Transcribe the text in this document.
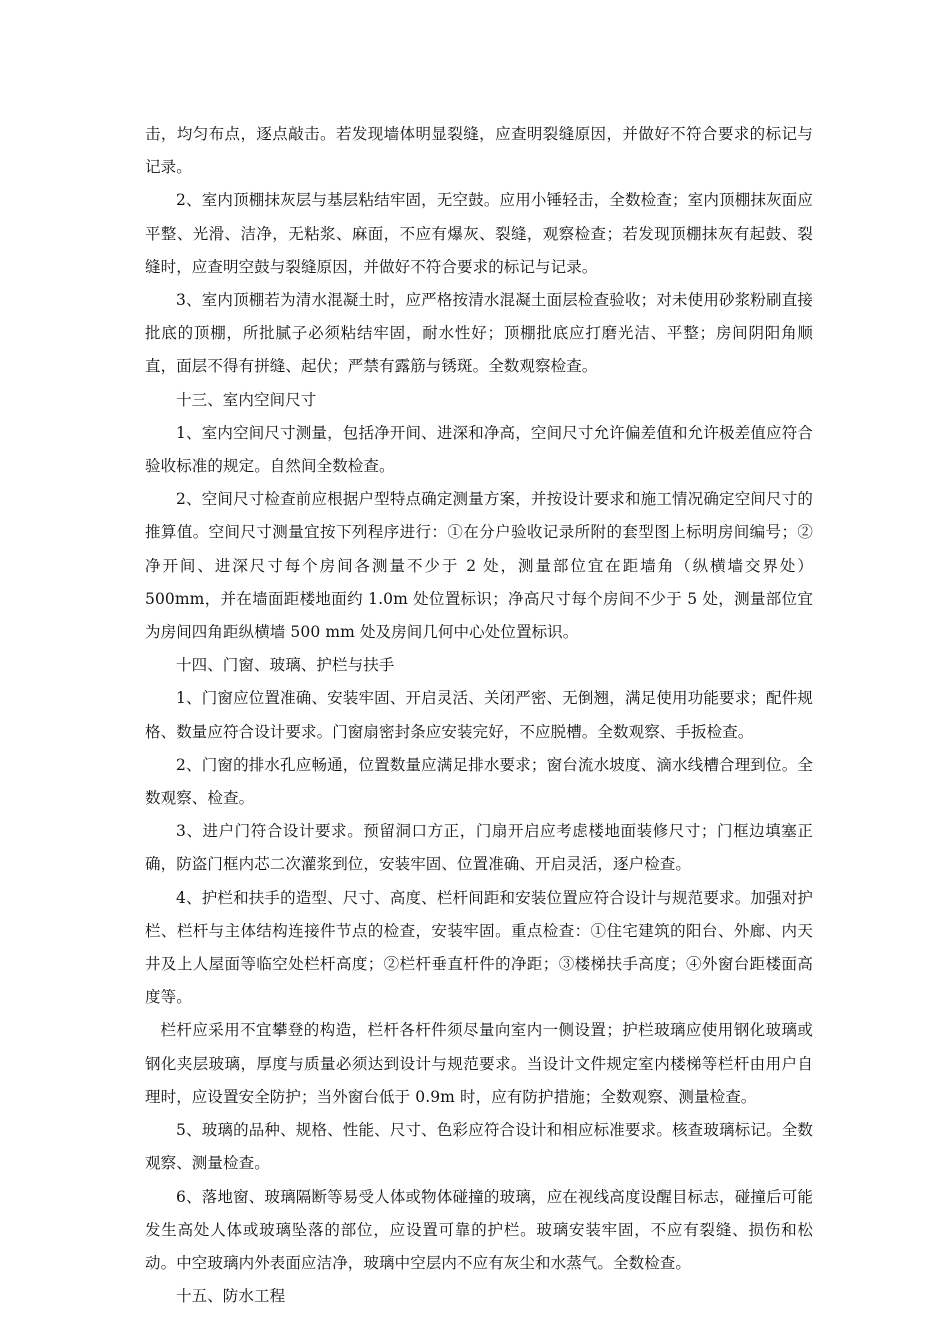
击，均匀布点，逐点敲击。若发现墙体明显裂缝，应查明裂缝原因，并做好不符合要求的标记与记录。

2、室内顶棚抹灰层与基层粘结牢固，无空鼓。应用小锤轻击，全数检查；室内顶棚抹灰面应平整、光滑、洁净，无粘浆、麻面，不应有爆灰、裂缝，观察检查；若发现顶棚抹灰有起鼓、裂缝时，应查明空鼓与裂缝原因，并做好不符合要求的标记与记录。

3、室内顶棚若为清水混凝土时，应严格按清水混凝土面层检查验收；对未使用砂浆粉刷直接批底的顶棚，所批腻子必须粘结牢固，耐水性好；顶棚批底应打磨光洁、平整；房间阴阳角顺直，面层不得有拼缝、起伏；严禁有露筋与锈斑。全数观察检查。

十三、室内空间尺寸

1、室内空间尺寸测量，包括净开间、进深和净高，空间尺寸允许偏差值和允许极差值应符合验收标准的规定。自然间全数检查。

2、空间尺寸检查前应根据户型特点确定测量方案，并按设计要求和施工情况确定空间尺寸的推算值。空间尺寸测量宜按下列程序进行：①在分户验收记录所附的套型图上标明房间编号；②净开间、进深尺寸每个房间各测量不少于 2 处，测量部位宜在距墙角（纵横墙交界处）500mm，并在墙面距楼地面约 1.0m 处位置标识；净高尺寸每个房间不少于 5 处，测量部位宜为房间四角距纵横墙 500 mm 处及房间几何中心处位置标识。

十四、门窗、玻璃、护栏与扶手

1、门窗应位置准确、安装牢固、开启灵活、关闭严密、无倒翘，满足使用功能要求；配件规格、数量应符合设计要求。门窗扇密封条应安装完好，不应脱槽。全数观察、手扳检查。

2、门窗的排水孔应畅通，位置数量应满足排水要求；窗台流水坡度、滴水线槽合理到位。全数观察、检查。

3、进户门符合设计要求。预留洞口方正，门扇开启应考虑楼地面装修尺寸；门框边填塞正确，防盗门框内芯二次灌浆到位，安装牢固、位置准确、开启灵活，逐户检查。

4、护栏和扶手的造型、尺寸、高度、栏杆间距和安装位置应符合设计与规范要求。加强对护栏、栏杆与主体结构连接件节点的检查，安装牢固。重点检查：①住宅建筑的阳台、外廊、内天井及上人屋面等临空处栏杆高度；②栏杆垂直杆件的净距；③楼梯扶手高度；④外窗台距楼面高度等。

栏杆应采用不宜攀登的构造，栏杆各杆件须尽量向室内一侧设置；护栏玻璃应使用钢化玻璃或钢化夹层玻璃，厚度与质量必须达到设计与规范要求。当设计文件规定室内楼梯等栏杆由用户自理时，应设置安全防护；当外窗台低于 0.9m 时，应有防护措施；全数观察、测量检查。

5、玻璃的品种、规格、性能、尺寸、色彩应符合设计和相应标准要求。核查玻璃标记。全数观察、测量检查。

6、落地窗、玻璃隔断等易受人体或物体碰撞的玻璃，应在视线高度设醒目标志，碰撞后可能发生高处人体或玻璃坠落的部位，应设置可靠的护栏。玻璃安装牢固，不应有裂缝、损伤和松动。中空玻璃内外表面应洁净，玻璃中空层内不应有灰尘和水蒸气。全数检查。

十五、防水工程
